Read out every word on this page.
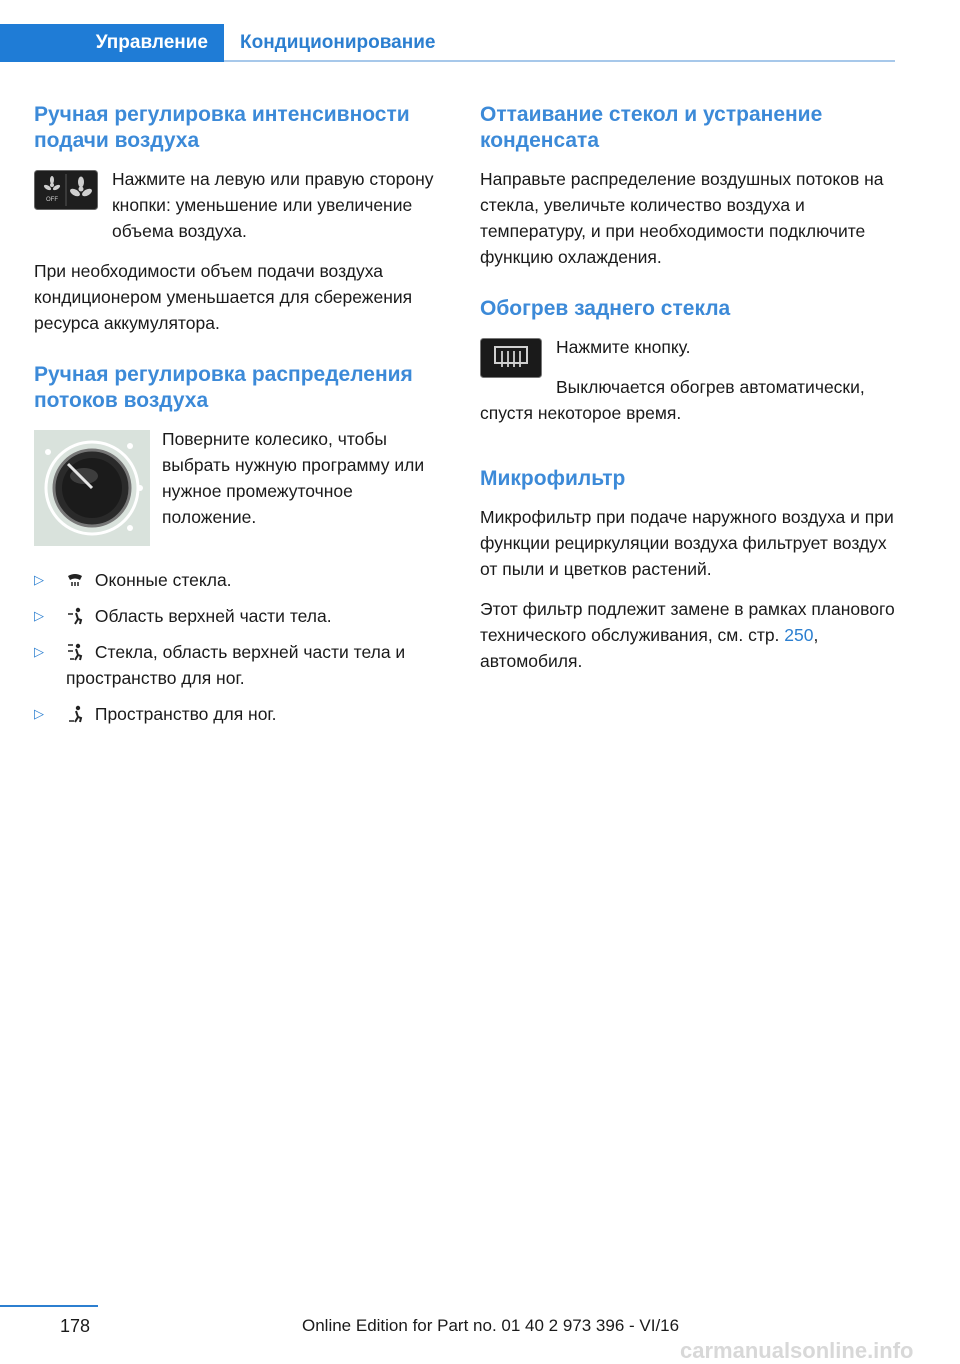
Управление	Кондиционирование
Ручная регулировка интенсивности подачи воздуха
OFF

Нажмите на левую или правую сторону кнопки: уменьшение или увеличение объема воздуха.

При необходимости объем подачи воздуха кондиционером уменьшается для сбережения ресурса аккумулятора.

Ручная регулировка распределения потоков воздуха

Поверните колесико, чтобы выбрать нужную программу или нужное промежуточное положение.

▷	Оконные стекла.
▷	Область верхней части тела.
▷	Стекла, область верхней части тела и пространство для ног.
▷	Пространство для ног.
Оттаивание стекол и устранение конденсата

Направьте распределение воздушных потоков на стекла, увеличьте количество воздуха и температуру, и при необходимости подключите функцию охлаждения.

Обогрев заднего стекла

Нажмите кнопку.

Выключается обогрев автоматически, спустя некоторое время.

Микрофильтр

Микрофильтр при подаче наружного воздуха и при функции рециркуляции воздуха фильтрует воздух от пыли и цветков растений.

Этот фильтр подлежит замене в рамках планового технического обслуживания, см. стр. 250, автомобиля.

178	Online Edition for Part no. 01 40 2 973 396 - VI/16
carmanualsonline.info
